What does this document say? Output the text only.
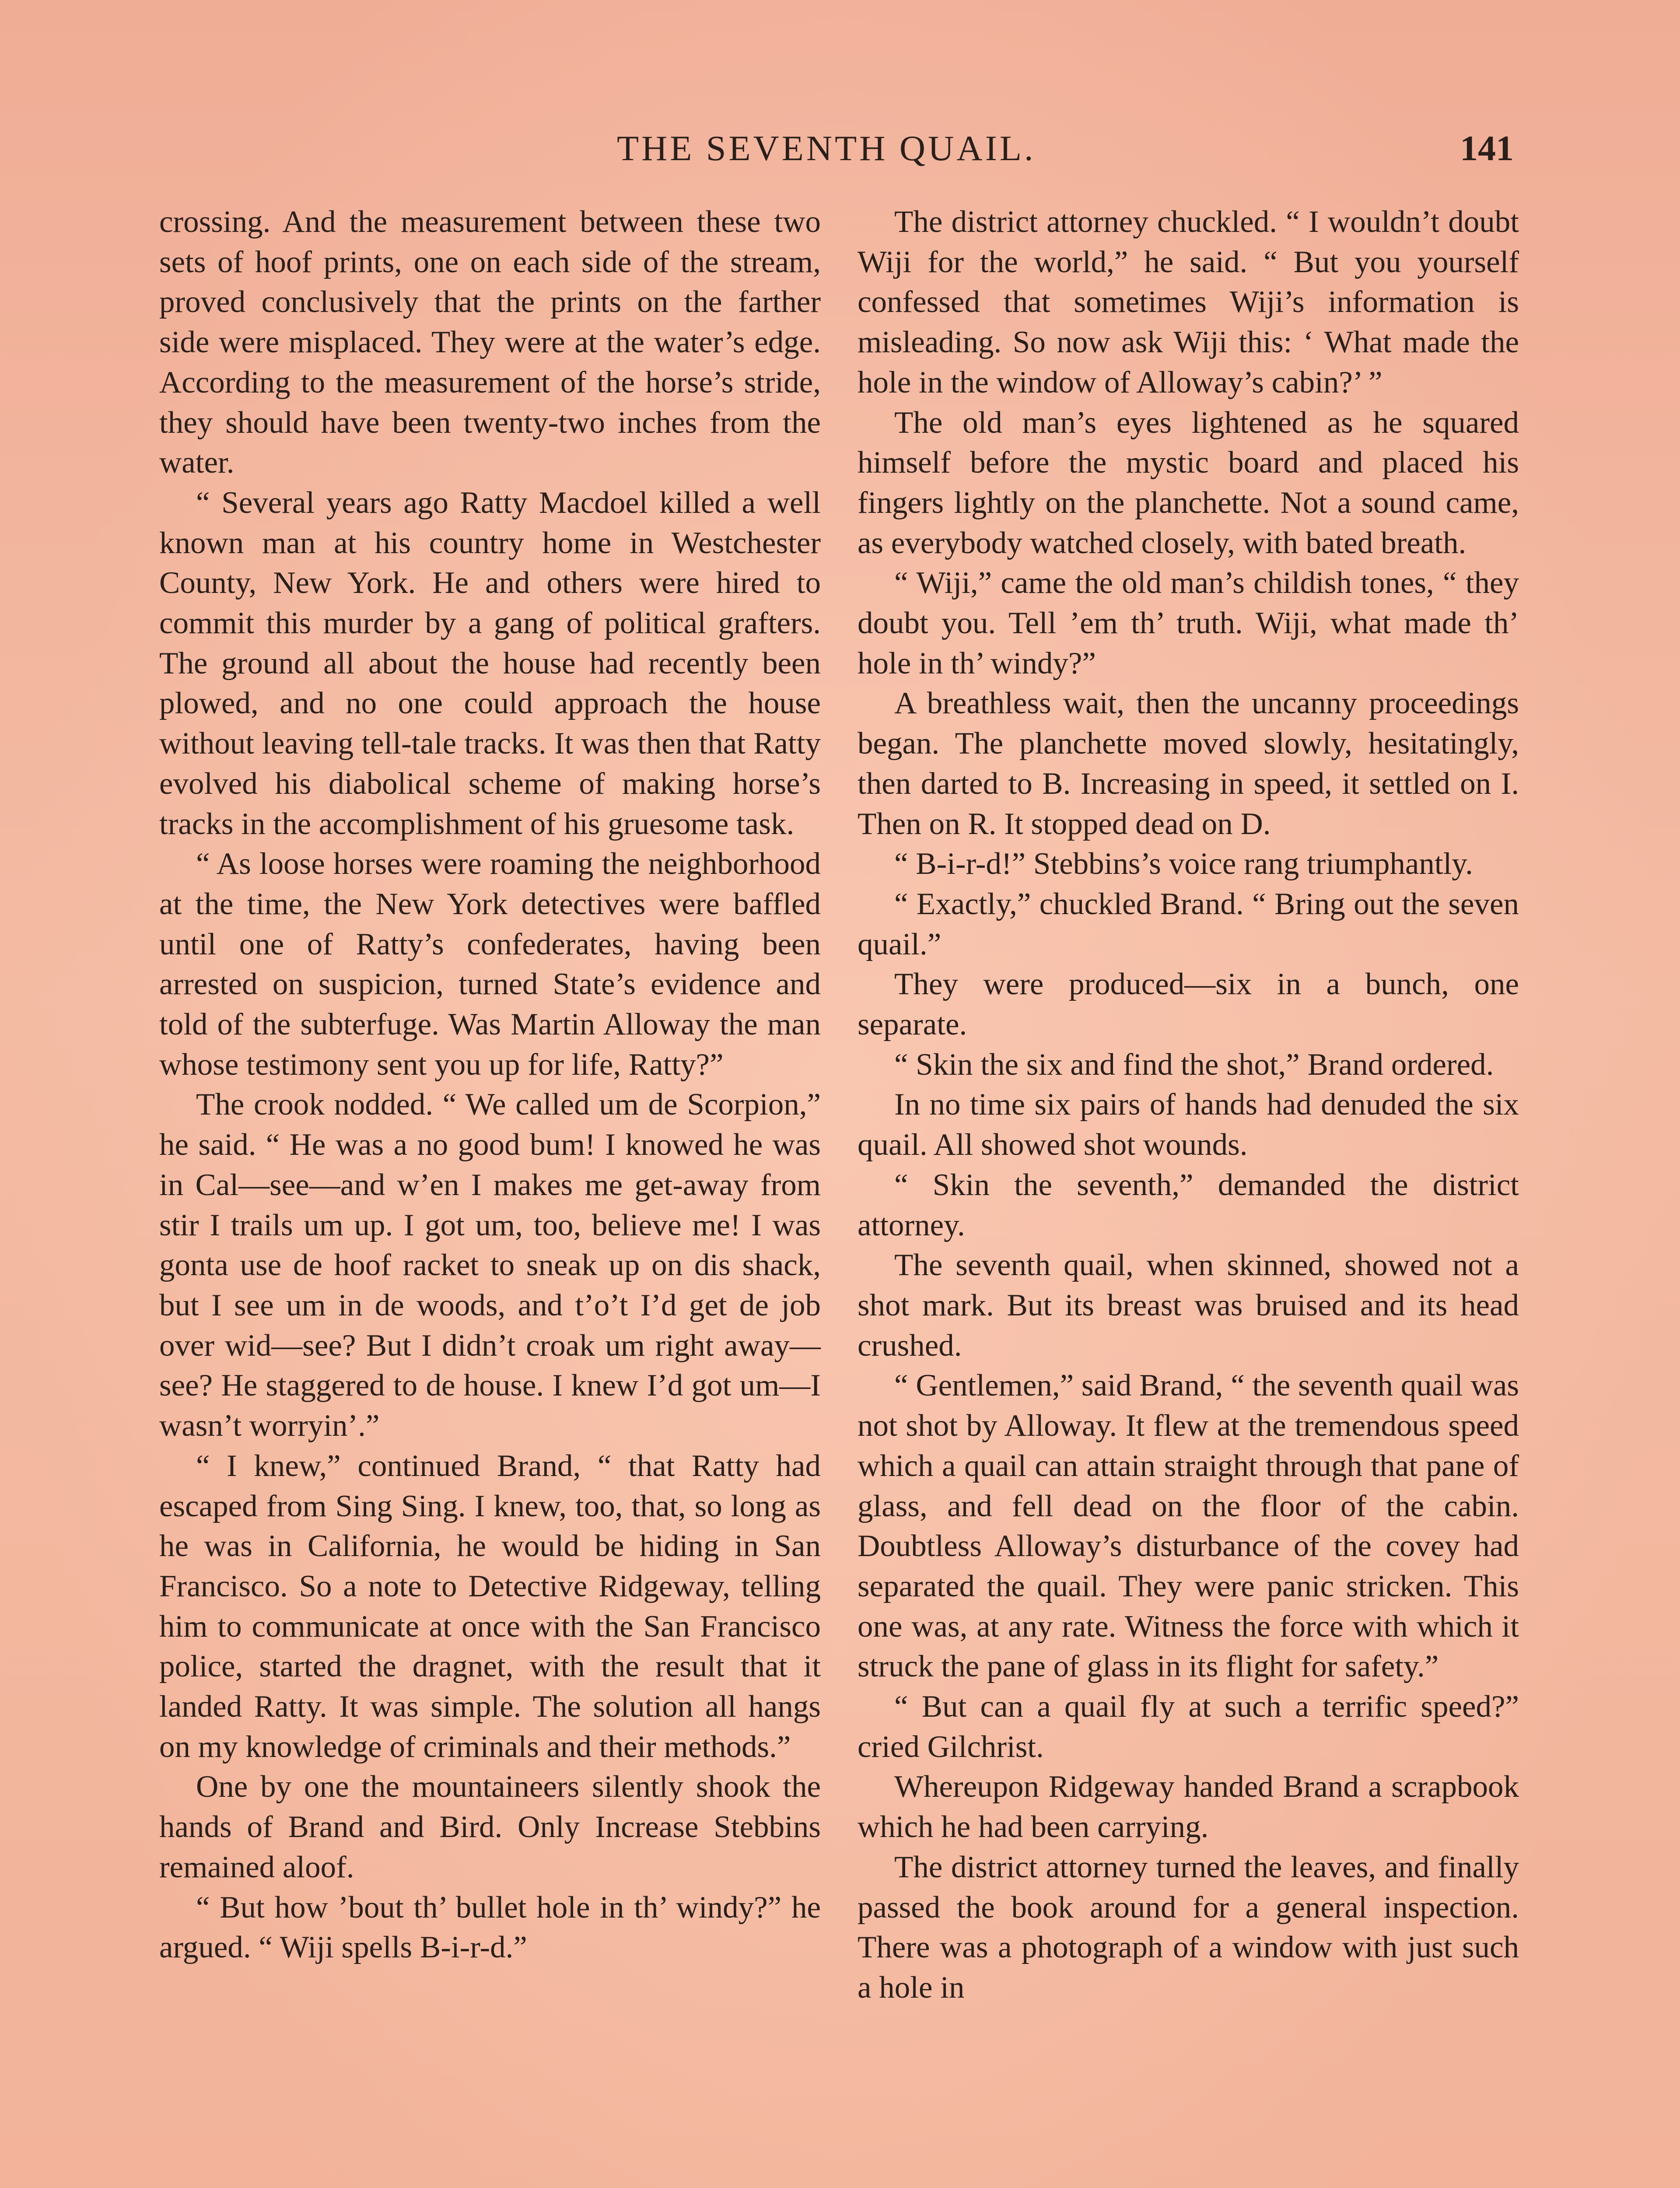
THE SEVENTH QUAIL.	141

crossing. And the measurement between these two sets of hoof prints, one on each side of the stream, proved conclusively that the prints on the farther side were misplaced. They were at the water’s edge. According to the measurement of the horse’s stride, they should have been twenty-two inches from the water.

“ Several years ago Ratty Macdoel killed a well known man at his country home in Westchester County, New York. He and others were hired to commit this murder by a gang of political grafters. The ground all about the house had recently been plowed, and no one could approach the house without leaving tell-tale tracks. It was then that Ratty evolved his diabolical scheme of making horse’s tracks in the accomplishment of his gruesome task.

“ As loose horses were roaming the neighborhood at the time, the New York detectives were baffled until one of Ratty’s confederates, having been arrested on suspicion, turned State’s evidence and told of the subterfuge. Was Martin Alloway the man whose testimony sent you up for life, Ratty?”

The crook nodded. “ We called um de Scorpion,” he said. “ He was a no good bum! I knowed he was in Cal—see—and w’en I makes me get-away from stir I trails um up. I got um, too, believe me! I was gonta use de hoof racket to sneak up on dis shack, but I see um in de woods, and t’o’t I’d get de job over wid—see? But I didn’t croak um right away—see? He staggered to de house. I knew I’d got um—I wasn’t worryin’.”

“ I knew,” continued Brand, “ that Ratty had escaped from Sing Sing. I knew, too, that, so long as he was in California, he would be hiding in San Francisco. So a note to Detective Ridgeway, telling him to communicate at once with the San Francisco police, started the dragnet, with the result that it landed Ratty. It was simple. The solution all hangs on my knowledge of criminals and their methods.”

One by one the mountaineers silently shook the hands of Brand and Bird. Only Increase Stebbins remained aloof.

“ But how ’bout th’ bullet hole in th’ windy?” he argued. “ Wiji spells B-i-r-d.”

The district attorney chuckled. “ I wouldn’t doubt Wiji for the world,” he said. “ But you yourself confessed that sometimes Wiji’s information is misleading. So now ask Wiji this: ‘ What made the hole in the window of Alloway’s cabin?’ ”

The old man’s eyes lightened as he squared himself before the mystic board and placed his fingers lightly on the planchette. Not a sound came, as everybody watched closely, with bated breath.

“ Wiji,” came the old man’s childish tones, “ they doubt you. Tell ’em th’ truth. Wiji, what made th’ hole in th’ windy?”

A breathless wait, then the uncanny proceedings began. The planchette moved slowly, hesitatingly, then darted to B. Increasing in speed, it settled on I. Then on R. It stopped dead on D.

“ B-i-r-d!” Stebbins’s voice rang triumphantly.

“ Exactly,” chuckled Brand. “ Bring out the seven quail.”

They were produced—six in a bunch, one separate.

“ Skin the six and find the shot,” Brand ordered.

In no time six pairs of hands had denuded the six quail. All showed shot wounds.

“ Skin the seventh,” demanded the district attorney.

The seventh quail, when skinned, showed not a shot mark. But its breast was bruised and its head crushed.

“ Gentlemen,” said Brand, “ the seventh quail was not shot by Alloway. It flew at the tremendous speed which a quail can attain straight through that pane of glass, and fell dead on the floor of the cabin. Doubtless Alloway’s disturbance of the covey had separated the quail. They were panic stricken. This one was, at any rate. Witness the force with which it struck the pane of glass in its flight for safety.”

“ But can a quail fly at such a terrific speed?” cried Gilchrist.

Whereupon Ridgeway handed Brand a scrapbook which he had been carrying.

The district attorney turned the leaves, and finally passed the book around for a general inspection. There was a photograph of a window with just such a hole in
